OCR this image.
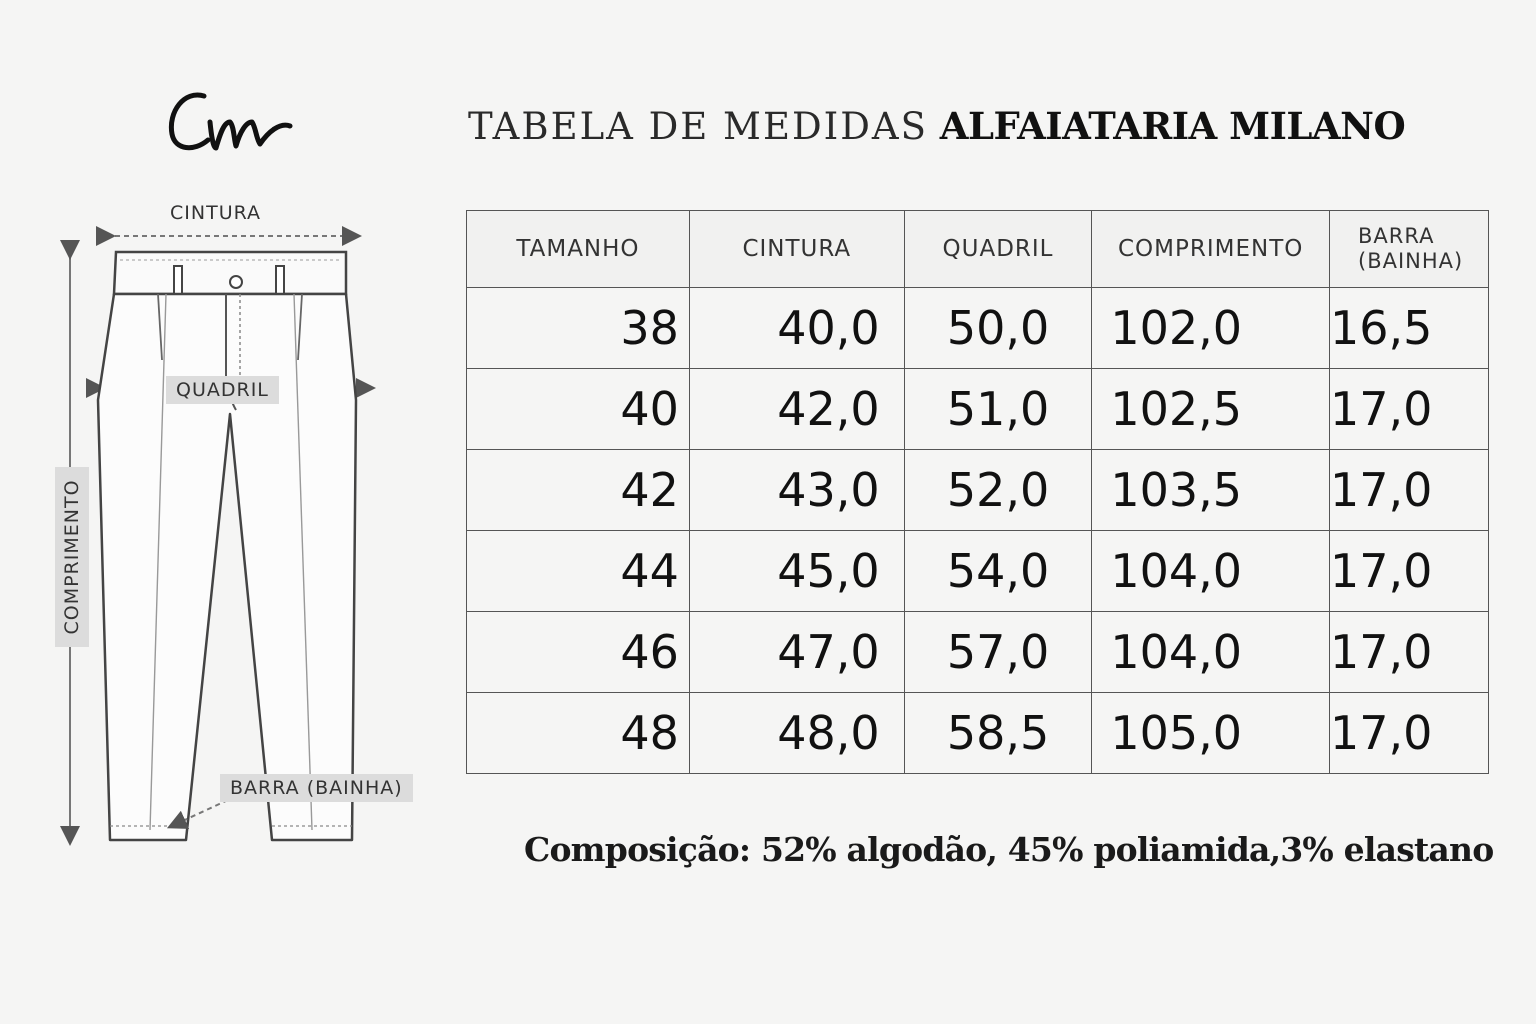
TABELA DE MEDIDAS ALFAIATARIA MILANO
CINTURA
QUADRIL
COMPRIMENTO
BARRA (BAINHA)
TAMANHO	CINTURA	QUADRIL	COMPRIMENTO	BARRA
(BAINHA)
38	40,0	50,0	102,0	16,5
40	42,0	51,0	102,5	17,0
42	43,0	52,0	103,5	17,0
44	45,0	54,0	104,0	17,0
46	47,0	57,0	104,0	17,0
48	48,0	58,5	105,0	17,0
Composição: 52% algodão, 45% poliamida,3% elastano
